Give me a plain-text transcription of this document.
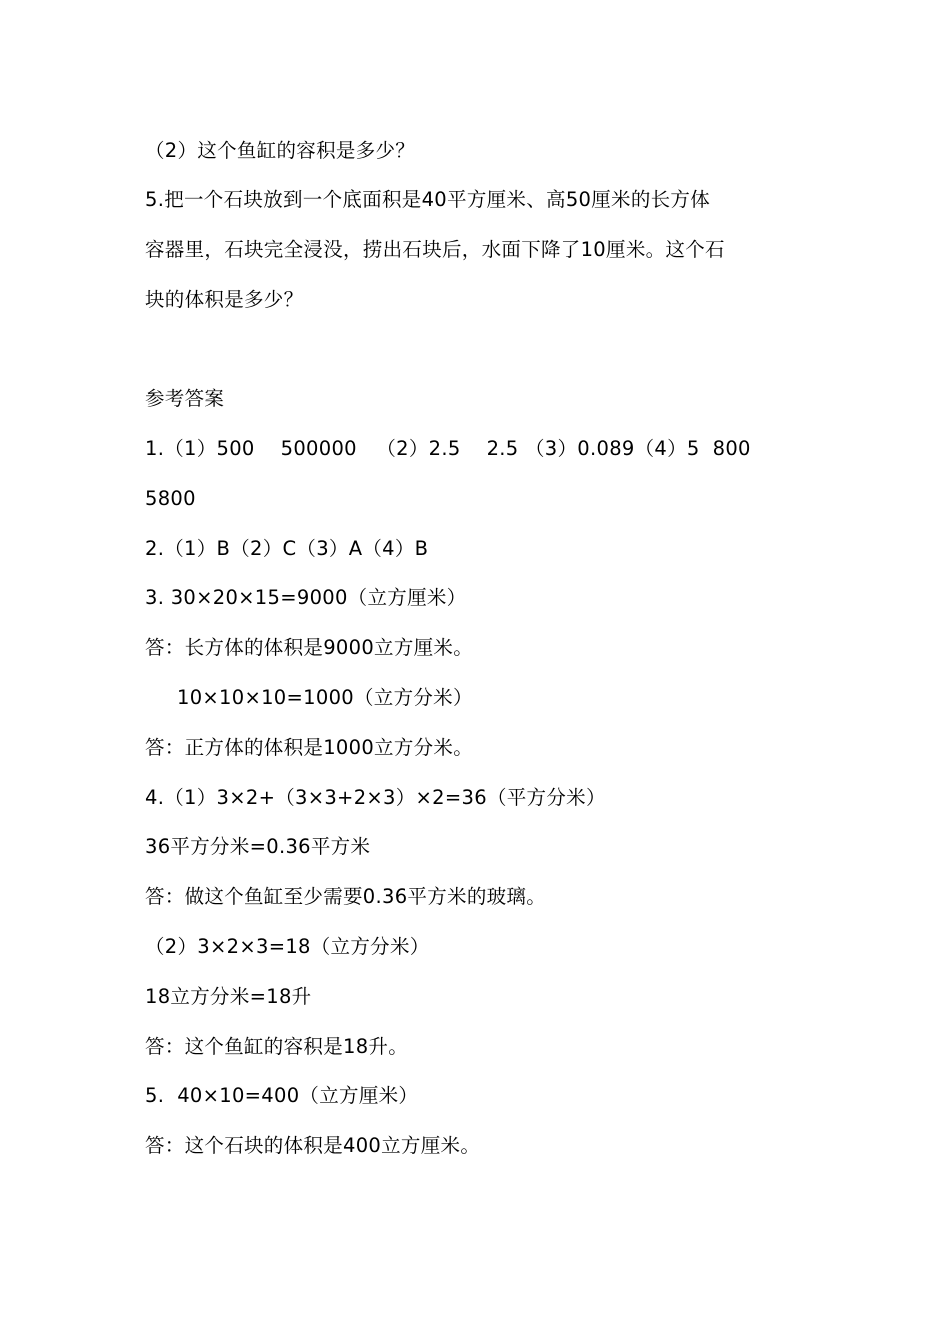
（2）这个鱼缸的容积是多少？
5.把一个石块放到一个底面积是40平方厘米、高50厘米的长方体
容器里，石块完全浸没，捞出石块后，水面下降了10厘米。这个石
块的体积是多少？
参考答案
1.（1）500    500000   （2）2.5    2.5 （3）0.089（4）5  800
5800
2.（1）B（2）C（3）A（4）B
3. 30×20×15=9000（立方厘米）
答：长方体的体积是9000立方厘米。
10×10×10=1000（立方分米）
答：正方体的体积是1000立方分米。
4.（1）3×2+（3×3+2×3）×2=36（平方分米）
36平方分米=0.36平方米
答：做这个鱼缸至少需要0.36平方米的玻璃。
（2）3×2×3=18（立方分米）
18立方分米=18升
答：这个鱼缸的容积是18升。
5.  40×10=400（立方厘米）
答：这个石块的体积是400立方厘米。
